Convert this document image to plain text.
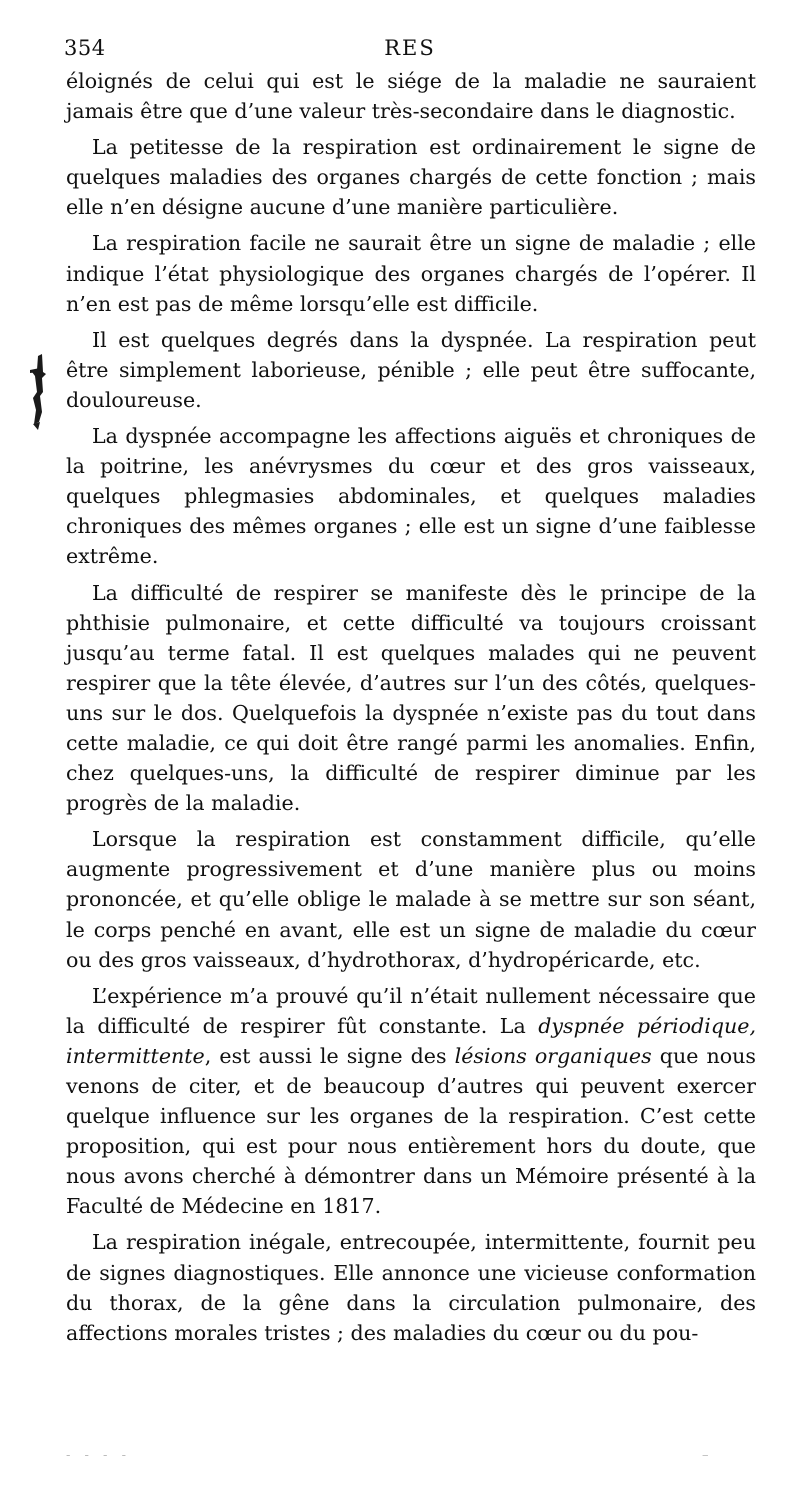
354	RES

éloignés de celui qui est le siége de la maladie ne sauraient jamais être que d’une valeur très-secondaire dans le diagnostic.

La petitesse de la respiration est ordinairement le signe de quelques maladies des organes chargés de cette fonction ; mais elle n’en désigne aucune d’une manière particulière.

La respiration facile ne saurait être un signe de maladie ; elle indique l’état physiologique des organes chargés de l’opérer. Il n’en est pas de même lorsqu’elle est difficile.

Il est quelques degrés dans la dyspnée. La respiration peut être simplement laborieuse, pénible ; elle peut être suffocante, douloureuse.

La dyspnée accompagne les affections aiguës et chroniques de la poitrine, les anévrysmes du cœur et des gros vaisseaux, quelques phlegmasies abdominales, et quelques maladies chroniques des mêmes organes ; elle est un signe d’une faiblesse extrême.

La difficulté de respirer se manifeste dès le principe de la phthisie pulmonaire, et cette difficulté va toujours croissant jusqu’au terme fatal. Il est quelques malades qui ne peuvent respirer que la tête élevée, d’autres sur l’un des côtés, quelques-uns sur le dos. Quelquefois la dyspnée n’existe pas du tout dans cette maladie, ce qui doit être rangé parmi les anomalies. Enfin, chez quelques-uns, la difficulté de respirer diminue par les progrès de la maladie.

Lorsque la respiration est constamment difficile, qu’elle augmente progressivement et d’une manière plus ou moins prononcée, et qu’elle oblige le malade à se mettre sur son séant, le corps penché en avant, elle est un signe de maladie du cœur ou des gros vaisseaux, d’hydrothorax, d’hydropéricarde, etc.

L’expérience m’a prouvé qu’il n’était nullement nécessaire que la difficulté de respirer fût constante. La dyspnée périodique, intermittente, est aussi le signe des lésions organiques que nous venons de citer, et de beaucoup d’autres qui peuvent exercer quelque influence sur les organes de la respiration. C’est cette proposition, qui est pour nous entièrement hors du doute, que nous avons cherché à démontrer dans un Mémoire présenté à la Faculté de Médecine en 1817.

La respiration inégale, entrecoupée, intermittente, fournit peu de signes diagnostiques. Elle annonce une vicieuse conformation du thorax, de la gêne dans la circulation pulmonaire, des affections morales tristes ; des maladies du cœur ou du pou-

- - - -	–
